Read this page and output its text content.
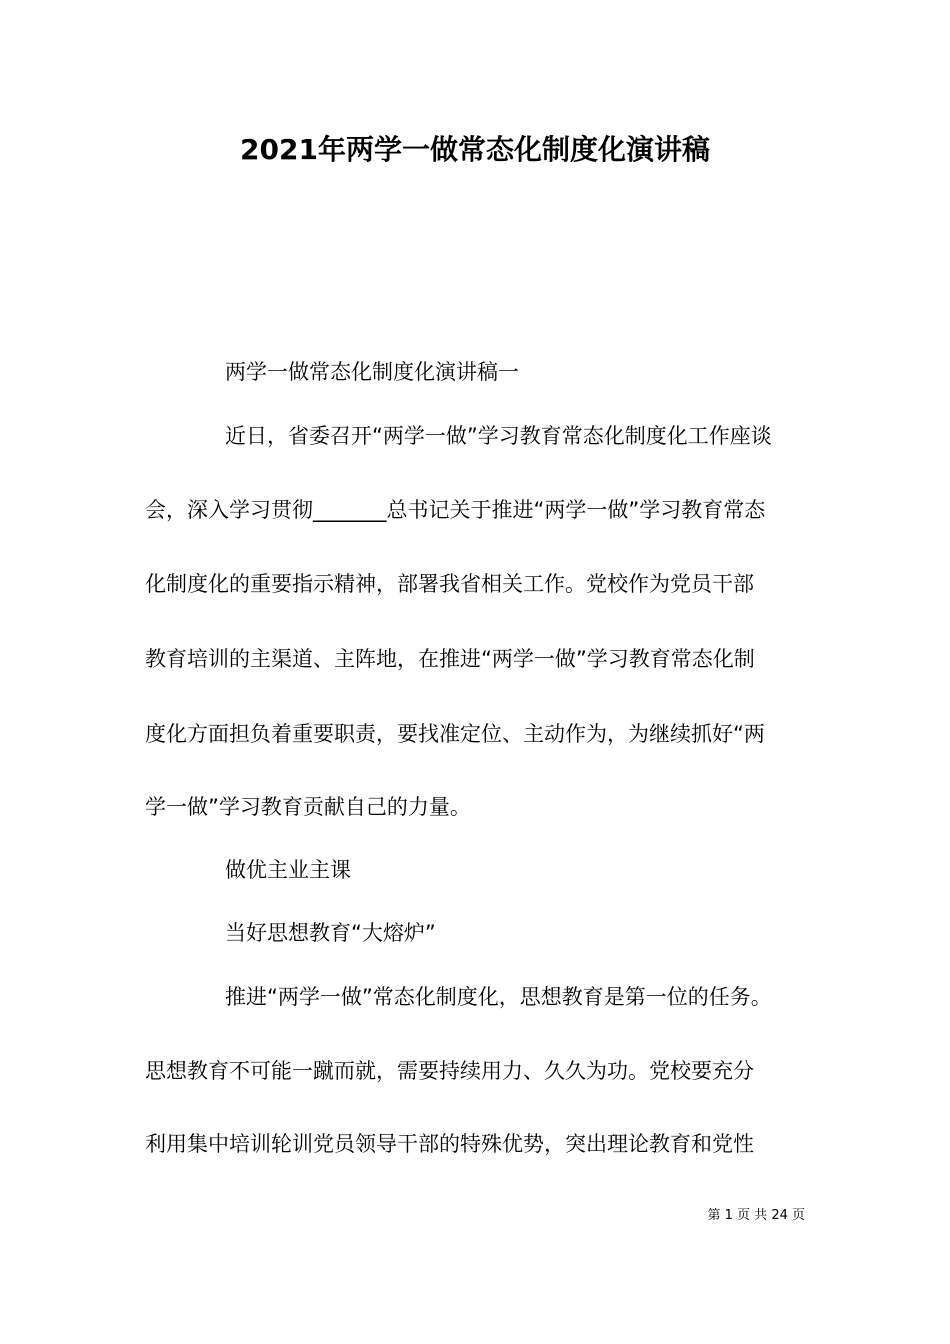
2021年两学一做常态化制度化演讲稿

两学一做常态化制度化演讲稿一

近日，省委召开“两学一做”学习教育常态化制度化工作座谈

会，深入学习贯彻_______总书记关于推进“两学一做”学习教育常态

化制度化的重要指示精神，部署我省相关工作。党校作为党员干部

教育培训的主渠道、主阵地，在推进“两学一做”学习教育常态化制

度化方面担负着重要职责，要找准定位、主动作为，为继续抓好“两

学一做”学习教育贡献自己的力量。

做优主业主课

当好思想教育“大熔炉”

推进“两学一做”常态化制度化，思想教育是第一位的任务。

思想教育不可能一蹴而就，需要持续用力、久久为功。党校要充分

利用集中培训轮训党员领导干部的特殊优势，突出理论教育和党性

第 1 页 共 24 页
